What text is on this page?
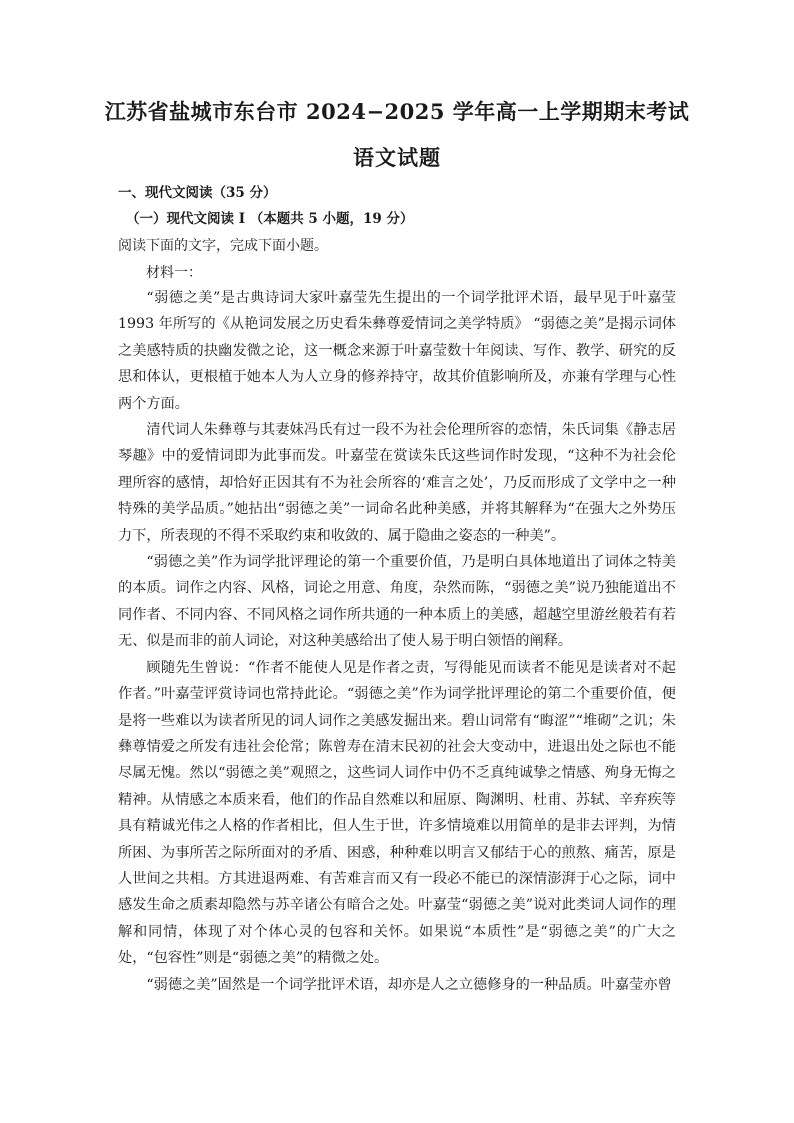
江苏省盐城市东台市 2024−2025 学年高一上学期期末考试
语文试题
一、现代文阅读（35 分）
（一）现代文阅读 I （本题共 5 小题，19 分）
阅读下面的文字，完成下面小题。
材料一：

“弱德之美”是古典诗词大家叶嘉莹先生提出的一个词学批评术语，最早见于叶嘉莹 1993 年所写的《从艳词发展之历史看朱彝尊爱情词之美学特质》 “弱德之美”是揭示词体之美感特质的抉幽发微之论，这一概念来源于叶嘉莹数十年阅读、写作、教学、研究的反思和体认，更根植于她本人为人立身的修养持守，故其价值影响所及，亦兼有学理与心性两个方面。

清代词人朱彝尊与其妻妹冯氏有过一段不为社会伦理所容的恋情，朱氏词集《静志居琴趣》中的爱情词即为此事而发。叶嘉莹在赏读朱氏这些词作时发现，“这种不为社会伦理所容的感情，却恰好正因其有不为社会所容的‘难言之处’，乃反而形成了文学中之一种特殊的美学品质。”她拈出“弱德之美”一词命名此种美感，并将其解释为“在强大之外势压力下，所表现的不得不采取约束和收敛的、属于隐曲之姿态的一种美”。

“弱德之美”作为词学批评理论的第一个重要价值，乃是明白具体地道出了词体之特美的本质。词作之内容、风格，词论之用意、角度，杂然而陈，“弱德之美”说乃独能道出不同作者、不同内容、不同风格之词作所共通的一种本质上的美感，超越空里游丝般若有若无、似是而非的前人词论，对这种美感给出了使人易于明白领悟的阐释。

顾随先生曾说：“作者不能使人见是作者之责，写得能见而读者不能见是读者对不起作者。”叶嘉莹评赏诗词也常持此论。“弱德之美”作为词学批评理论的第二个重要价值，便是将一些难以为读者所见的词人词作之美感发掘出来。碧山词常有“晦涩”“堆砌”之讥；朱彝尊情爱之所发有违社会伦常；陈曾寿在清末民初的社会大变动中，进退出处之际也不能尽属无愧。然以“弱德之美”观照之，这些词人词作中仍不乏真纯诚挚之情感、殉身无悔之精神。从情感之本质来看，他们的作品自然难以和屈原、陶渊明、杜甫、苏轼、辛弃疾等具有精诚光伟之人格的作者相比，但人生于世，许多情境难以用简单的是非去评判，为情所困、为事所苦之际所面对的矛盾、困惑，种种难以明言又郁结于心的煎熬、痛苦，原是人世间之共相。方其进退两难、有苦难言而又有一段必不能已的深情澎湃于心之际，词中感发生命之质素却隐然与苏辛诸公有暗合之处。叶嘉莹“弱德之美”说对此类词人词作的理解和同情，体现了对个体心灵的包容和关怀。如果说“本质性”是“弱德之美”的广大之处，“包容性”则是“弱德之美”的精微之处。

“弱德之美”固然是一个词学批评术语，却亦是人之立德修身的一种品质。叶嘉莹亦曾
